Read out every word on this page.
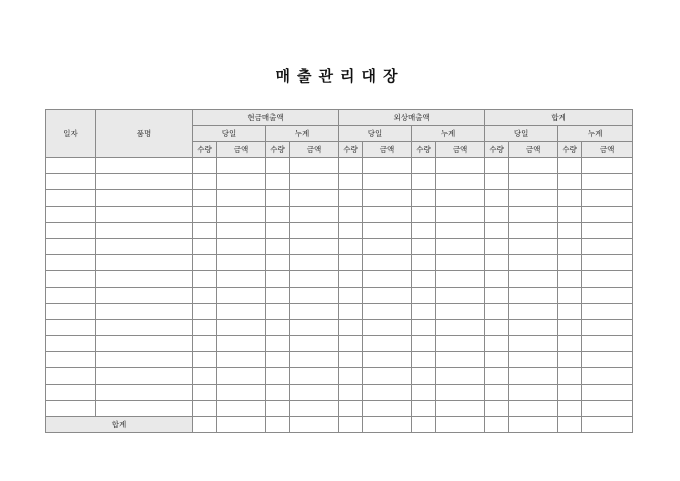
매출관리대장
일자	품명	현금매출액				외상매출액				합계			
		당일		누계		당일		누계		당일		누계	
		수량	금액	수량	금액	수량	금액	수량	금액	수량	금액	수량	금액

합계													
